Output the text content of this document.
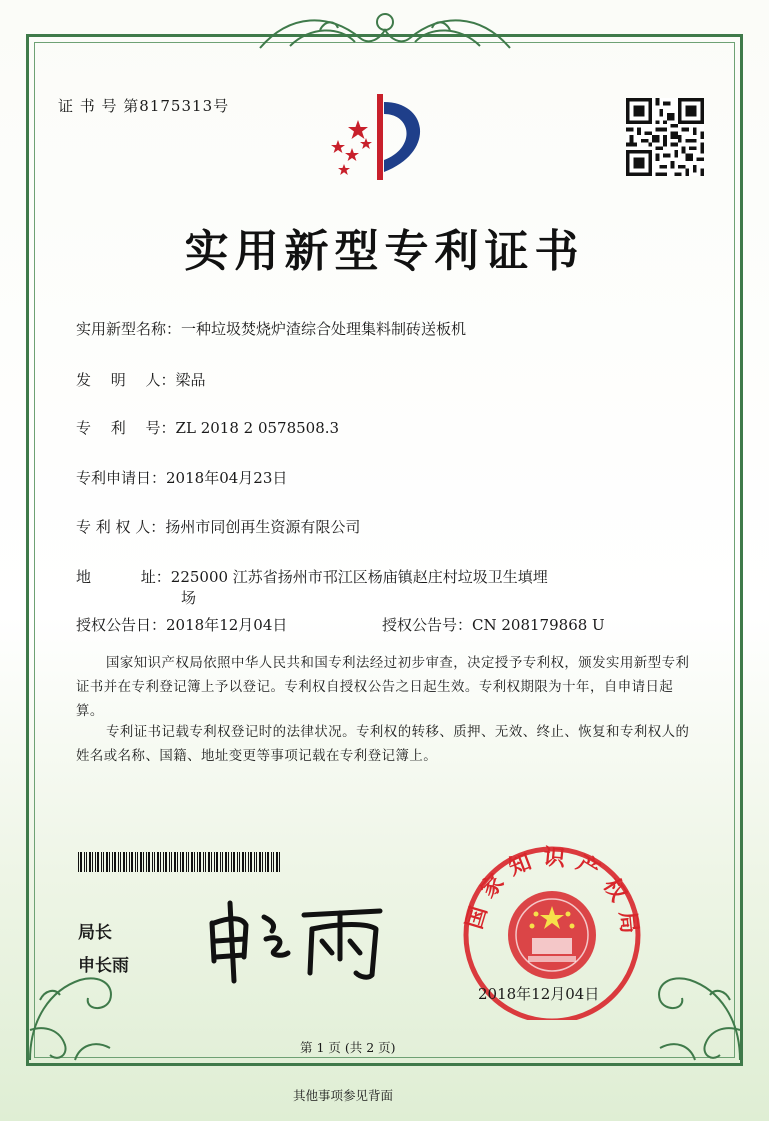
证 书 号 第8175313号
实用新型专利证书
实用新型名称：一种垃圾焚烧炉渣综合处理集料制砖送板机
发　 明 　人：梁品
专　 利 　号：ZL 2018 2 0578508.3
专利申请日：2018年04月23日
专 利 权 人：扬州市同创再生资源有限公司
地　　　 址：225000 江苏省扬州市邗江区杨庙镇赵庄村垃圾卫生填埋
场
授权公告日：2018年12月04日	授权公告号：CN 208179868 U
国家知识产权局依照中华人民共和国专利法经过初步审查，决定授予专利权，颁发实用新型专利证书并在专利登记簿上予以登记。专利权自授权公告之日起生效。专利权期限为十年，自申请日起算。
专利证书记载专利权登记时的法律状况。专利权的转移、质押、无效、终止、恢复和专利权人的姓名或名称、国籍、地址变更等事项记载在专利登记簿上。
局长
申长雨
国家知识产权局
2018年12月04日
第 1 页 (共 2 页)
其他事项参见背面
